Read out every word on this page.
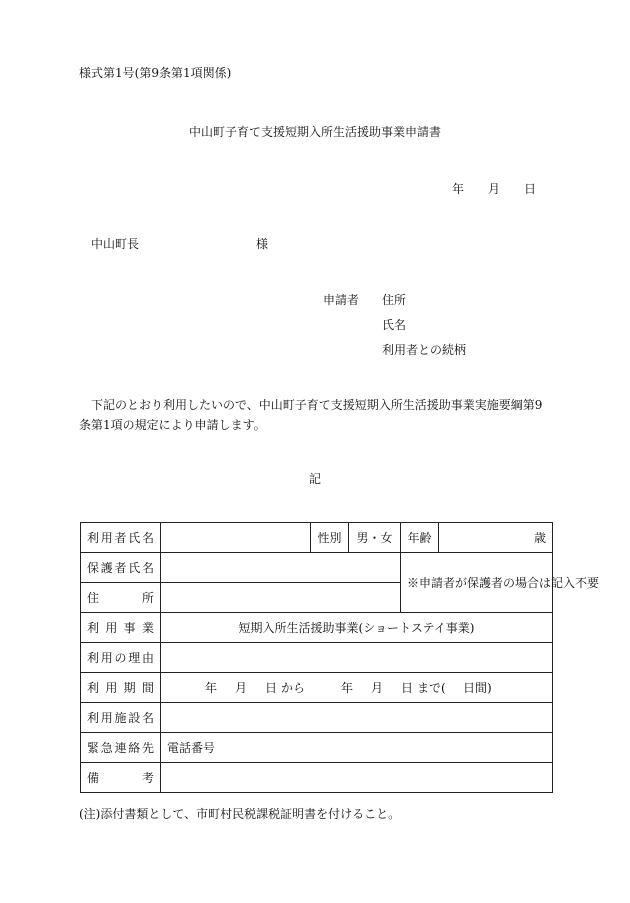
様式第1号(第9条第1項関係)
中山町子育て支援短期入所生活援助事業申請書
年 月 日
中山町長	様
申請者 住所
氏名
利用者との続柄
下記のとおり利用したいので、中山町子育て支援短期入所生活援助事業実施要綱第9条第1項の規定により申請します。
記
利用者氏名		性別	男・女	年齢	歳
保護者氏名				※申請者が保護者の場合は記入不要	
住　所					
利用事業	短期入所生活援助事業(ショートステイ事業)				
利用の理由					
利用期間	年 月 日 から 年 月 日 まで( 日間)				
利用施設名					
緊急連絡先	電話番号				
備　考					
(注)添付書類として、市町村民税課税証明書を付けること。
